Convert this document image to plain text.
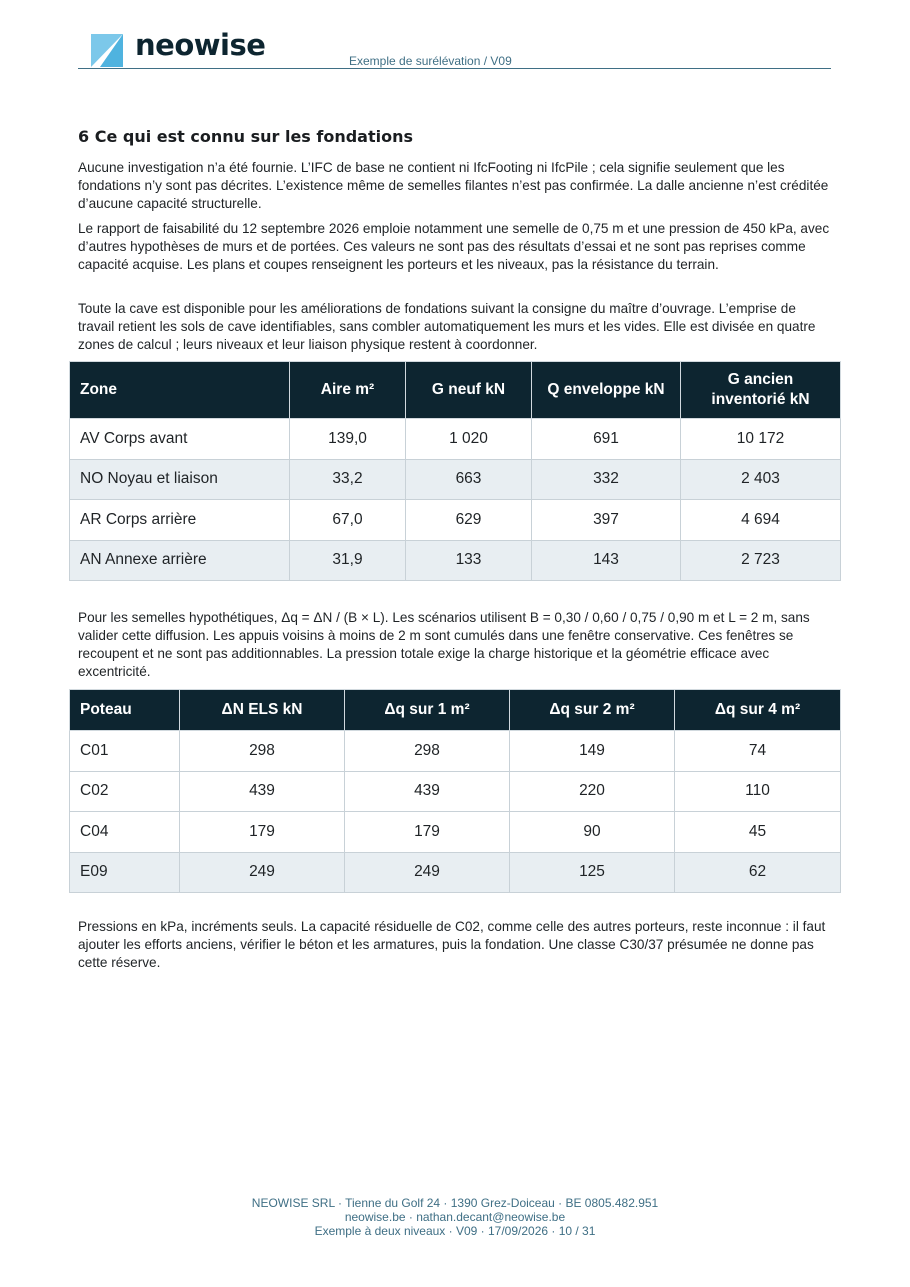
neowise	Exemple de surélévation / V09
6 Ce qui est connu sur les fondations

Aucune investigation n’a été fournie. L’IFC de base ne contient ni IfcFooting ni IfcPile ; cela signifie seulement que les fondations n’y sont pas décrites. L’existence même de semelles filantes n’est pas confirmée. La dalle ancienne n’est créditée d’aucune capacité structurelle.

Le rapport de faisabilité du 12 septembre 2026 emploie notamment une semelle de 0,75 m et une pression de 450 kPa, avec d’autres hypothèses de murs et de portées. Ces valeurs ne sont pas des résultats d’essai et ne sont pas reprises comme capacité acquise. Les plans et coupes renseignent les porteurs et les niveaux, pas la résistance du terrain.

Toute la cave est disponible pour les améliorations de fondations suivant la consigne du maître d’ouvrage. L’emprise de travail retient les sols de cave identifiables, sans combler automatiquement les murs et les vides. Elle est divisée en quatre zones de calcul ; leurs niveaux et leur liaison physique restent à coordonner.

Zone	Aire m²	G neuf kN	Q enveloppe kN	G ancien inventorié kN
AV Corps avant	139,0	1 020	691	10 172
NO Noyau et liaison	33,2	663	332	2 403
AR Corps arrière	67,0	629	397	4 694
AN Annexe arrière	31,9	133	143	2 723

Pour les semelles hypothétiques, Δq = ΔN / (B × L). Les scénarios utilisent B = 0,30 / 0,60 / 0,75 / 0,90 m et L = 2 m, sans valider cette diffusion. Les appuis voisins à moins de 2 m sont cumulés dans une fenêtre conservative. Ces fenêtres se recoupent et ne sont pas additionnables. La pression totale exige la charge historique et la géométrie efficace avec excentricité.

Poteau	ΔN ELS kN	Δq sur 1 m²	Δq sur 2 m²	Δq sur 4 m²
C01	298	298	149	74
C02	439	439	220	110
C04	179	179	90	45
E09	249	249	125	62

Pressions en kPa, incréments seuls. La capacité résiduelle de C02, comme celle des autres porteurs, reste inconnue : il faut ajouter les efforts anciens, vérifier le béton et les armatures, puis la fondation. Une classe C30/37 présumée ne donne pas cette réserve.

NEOWISE SRL · Tienne du Golf 24 · 1390 Grez-Doiceau · BE 0805.482.951
neowise.be · nathan.decant@neowise.be
Exemple à deux niveaux · V09 · 17/09/2026 · 10 / 31
